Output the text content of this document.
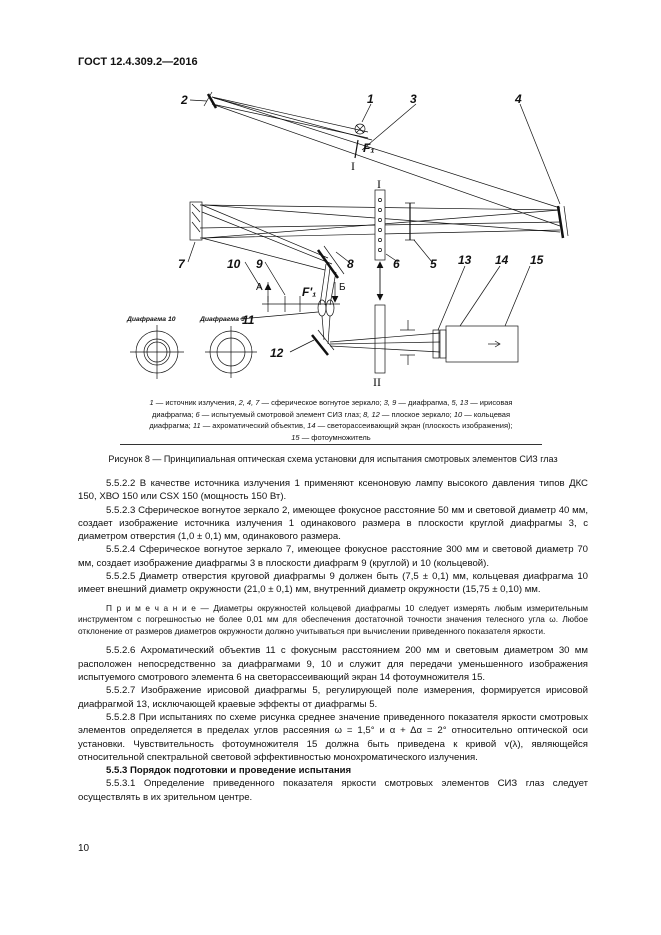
ГОСТ 12.4.309.2—2016
2	1	3	4
F₁
I
I
II
7	10 9	8	6	5 13 14 15
А	Б
F'₁
11
12
Диафрагма 10	Диафрагма 9
1 — источник излучения, 2, 4, 7 — сферическое вогнутое зеркало; 3, 9 — диафрагма, 5, 13 — ирисовая
диафрагма; 6 — испытуемый смотровой элемент СИЗ глаз; 8, 12 — плоское зеркало; 10 — кольцевая
диафрагма; 11 — ахроматический объектив, 14 — светорассеивающий экран (плоскость изображения);
15 — фотоумножитель
Рисунок 8 — Принципиальная оптическая схема установки для испытания смотровых элементов СИЗ глаз

5.5.2.2 В качестве источника излучения 1 применяют ксеноновую лампу высокого давления типов ДКС 150, ХВО 150 или CSX 150 (мощность 150 Вт).

5.5.2.3 Сферическое вогнутое зеркало 2, имеющее фокусное расстояние 50 мм и световой диаметр 40 мм, создает изображение источника излучения 1 одинакового размера в плоскости круглой диафрагмы 3, с диаметром отверстия (1,0 ± 0,1) мм, одинакового размера.

5.5.2.4 Сферическое вогнутое зеркало 7, имеющее фокусное расстояние 300 мм и световой диаметр 70 мм, создает изображение диафрагмы 3 в плоскости диафрагм 9 (круглой) и 10 (кольцевой).

5.5.2.5 Диаметр отверстия круговой диафрагмы 9 должен быть (7,5 ± 0,1) мм, кольцевая диафрагма 10 имеет внешний диаметр окружности (21,0 ± 0,1) мм, внутренний диаметр окружности (15,75 ± 0,10) мм.

П р и м е ч а н и е — Диаметры окружностей кольцевой диафрагмы 10 следует измерять любым измерительным инструментом с погрешностью не более 0,01 мм для обеспечения достаточной точности значения телесного угла ω. Любое отклонение от размеров диаметров окружности должно учитываться при вычислении приведенного показателя яркости.

5.5.2.6 Ахроматический объектив 11 с фокусным расстоянием 200 мм и световым диаметром 30 мм расположен непосредственно за диафрагмами 9, 10 и служит для передачи уменьшенного изображения испытуемого смотрового элемента 6 на светорассеивающий экран 14 фотоумножителя 15.

5.5.2.7 Изображение ирисовой диафрагмы 5, регулирующей поле измерения, формируется ирисовой диафрагмой 13, исключающей краевые эффекты от диафрагмы 5.

5.5.2.8 При испытаниях по схеме рисунка среднее значение приведенного показателя яркости смотровых элементов определяется в пределах углов рассеяния ω = 1,5° и α + Δα = 2° относительно оптической оси установки. Чувствительность фотоумножителя 15 должна быть приведена к кривой v(λ), являющейся относительной спектральной световой эффективностью монохроматического излучения.

5.5.3 Порядок подготовки и проведение испытания

5.5.3.1 Определение приведенного показателя яркости смотровых элементов СИЗ глаз следует осуществлять в их зрительном центре.

10
